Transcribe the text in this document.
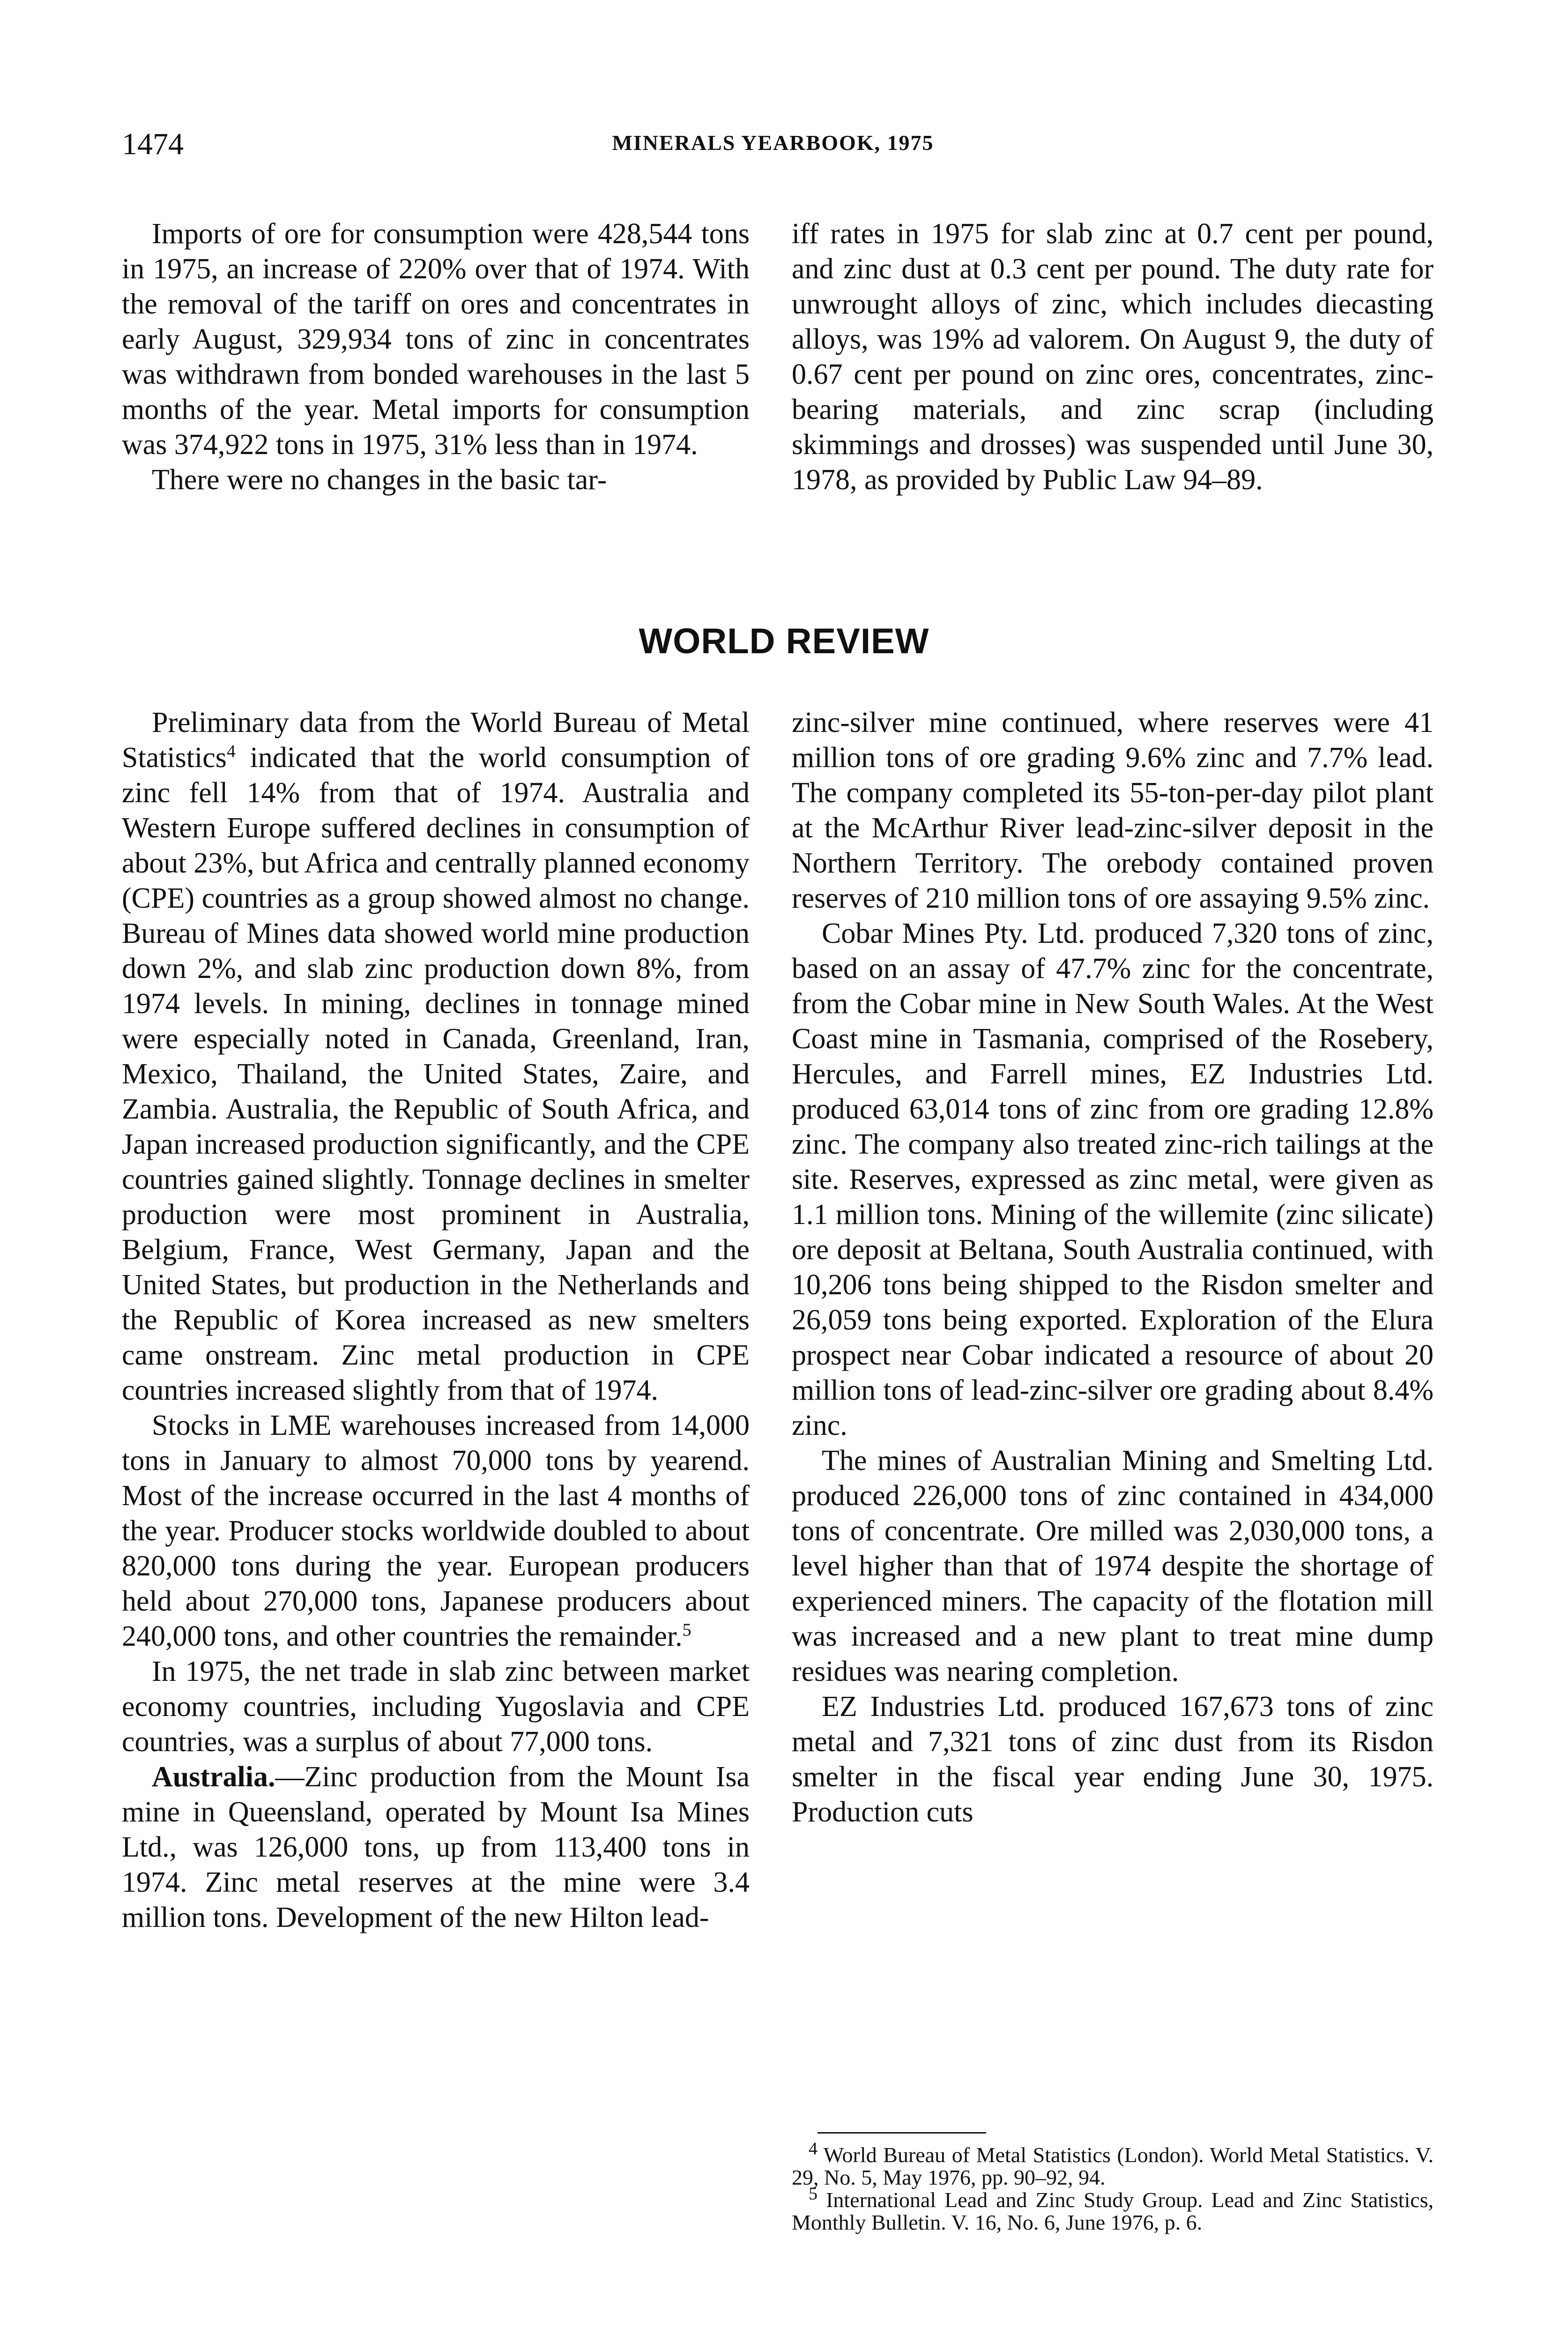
1474	MINERALS YEARBOOK, 1975

Imports of ore for consumption were 428,544 tons in 1975, an increase of 220% over that of 1974. With the removal of the tariff on ores and concentrates in early August, 329,934 tons of zinc in concentrates was withdrawn from bonded warehouses in the last 5 months of the year. Metal imports for consumption was 374,922 tons in 1975, 31% less than in 1974.

There were no changes in the basic tar-

iff rates in 1975 for slab zinc at 0.7 cent per pound, and zinc dust at 0.3 cent per pound. The duty rate for unwrought alloys of zinc, which includes diecasting alloys, was 19% ad valorem. On August 9, the duty of 0.67 cent per pound on zinc ores, concentrates, zinc-bearing materials, and zinc scrap (including skimmings and drosses) was suspended until June 30, 1978, as provided by Public Law 94–89.

WORLD REVIEW

Preliminary data from the World Bureau of Metal Statistics$^4$ indicated that the world consumption of zinc fell 14% from that of 1974. Australia and Western Europe suffered declines in consumption of about 23%, but Africa and centrally planned economy (CPE) countries as a group showed almost no change. Bureau of Mines data showed world mine production down 2%, and slab zinc production down 8%, from 1974 levels. In mining, declines in tonnage mined were especially noted in Canada, Greenland, Iran, Mexico, Thailand, the United States, Zaire, and Zambia. Australia, the Republic of South Africa, and Japan increased production significantly, and the CPE countries gained slightly. Tonnage declines in smelter production were most prominent in Australia, Belgium, France, West Germany, Japan and the United States, but production in the Netherlands and the Republic of Korea increased as new smelters came onstream. Zinc metal production in CPE countries increased slightly from that of 1974.

Stocks in LME warehouses increased from 14,000 tons in January to almost 70,000 tons by yearend. Most of the increase occurred in the last 4 months of the year. Producer stocks worldwide doubled to about 820,000 tons during the year. European producers held about 270,000 tons, Japanese producers about 240,000 tons, and other countries the remainder.$^5$

In 1975, the net trade in slab zinc between market economy countries, including Yugoslavia and CPE countries, was a surplus of about 77,000 tons.

Australia.—Zinc production from the Mount Isa mine in Queensland, operated by Mount Isa Mines Ltd., was 126,000 tons, up from 113,400 tons in 1974. Zinc metal reserves at the mine were 3.4 million tons. Development of the new Hilton lead-

zinc-silver mine continued, where reserves were 41 million tons of ore grading 9.6% zinc and 7.7% lead. The company completed its 55-ton-per-day pilot plant at the McArthur River lead-zinc-silver deposit in the Northern Territory. The orebody contained proven reserves of 210 million tons of ore assaying 9.5% zinc.

Cobar Mines Pty. Ltd. produced 7,320 tons of zinc, based on an assay of 47.7% zinc for the concentrate, from the Cobar mine in New South Wales. At the West Coast mine in Tasmania, comprised of the Rosebery, Hercules, and Farrell mines, EZ Industries Ltd. produced 63,014 tons of zinc from ore grading 12.8% zinc. The company also treated zinc-rich tailings at the site. Reserves, expressed as zinc metal, were given as 1.1 million tons. Mining of the willemite (zinc silicate) ore deposit at Beltana, South Australia continued, with 10,206 tons being shipped to the Risdon smelter and 26,059 tons being exported. Exploration of the Elura prospect near Cobar indicated a resource of about 20 million tons of lead-zinc-silver ore grading about 8.4% zinc.

The mines of Australian Mining and Smelting Ltd. produced 226,000 tons of zinc contained in 434,000 tons of concentrate. Ore milled was 2,030,000 tons, a level higher than that of 1974 despite the shortage of experienced miners. The capacity of the flotation mill was increased and a new plant to treat mine dump residues was nearing completion.

EZ Industries Ltd. produced 167,673 tons of zinc metal and 7,321 tons of zinc dust from its Risdon smelter in the fiscal year ending June 30, 1975. Production cuts

$^4$ World Bureau of Metal Statistics (London). World Metal Statistics. V. 29, No. 5, May 1976, pp. 90–92, 94.

$^5$ International Lead and Zinc Study Group. Lead and Zinc Statistics, Monthly Bulletin. V. 16, No. 6, June 1976, p. 6.
